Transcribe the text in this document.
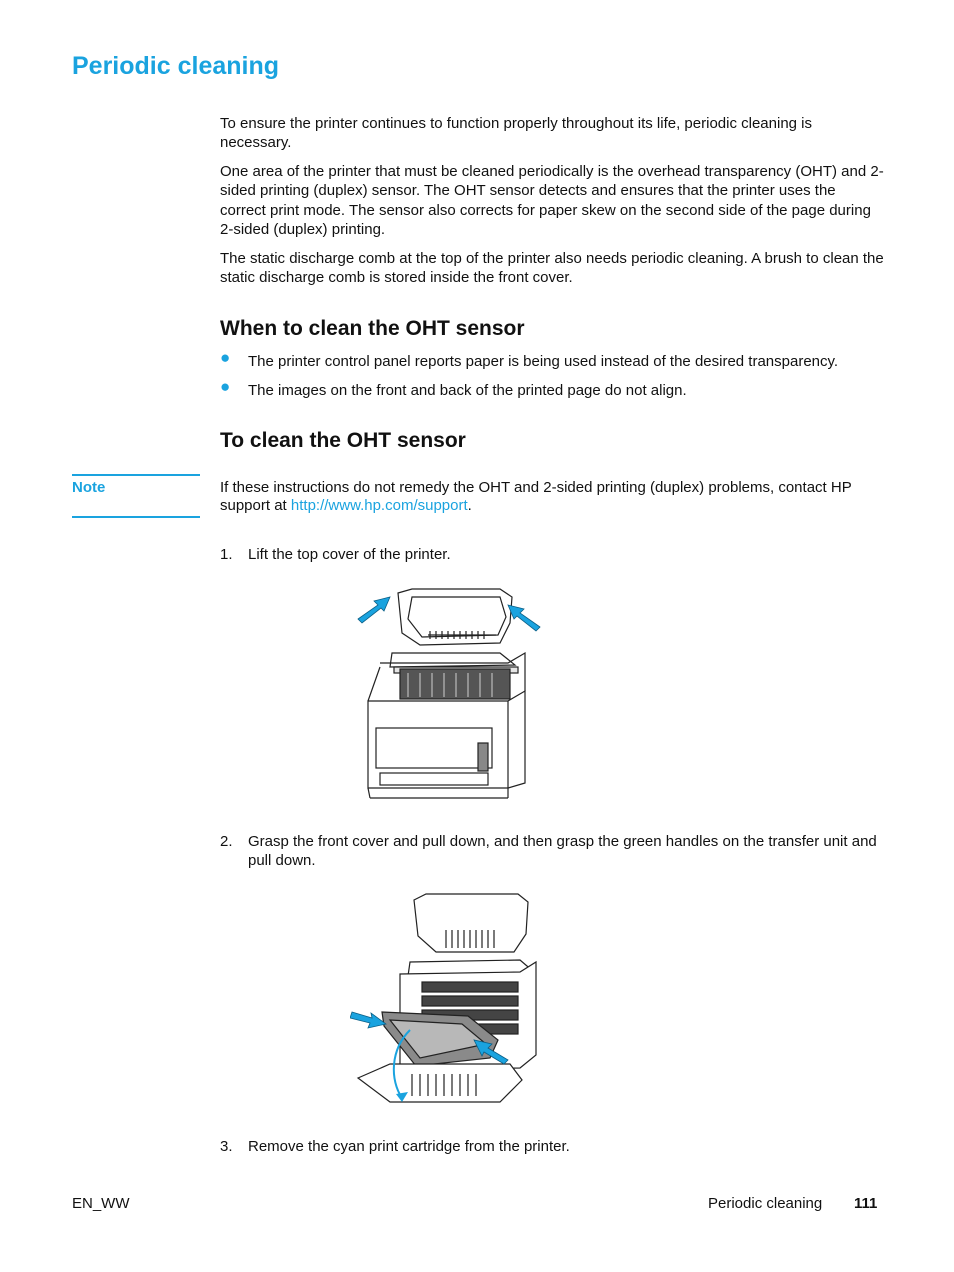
Periodic cleaning

To ensure the printer continues to function properly throughout its life, periodic cleaning is necessary.

One area of the printer that must be cleaned periodically is the overhead transparency (OHT) and 2-sided printing (duplex) sensor. The OHT sensor detects and ensures that the printer uses the correct print mode. The sensor also corrects for paper skew on the second side of the page during 2-sided (duplex) printing.

The static discharge comb at the top of the printer also needs periodic cleaning. A brush to clean the static discharge comb is stored inside the front cover.

When to clean the OHT sensor
● The printer control panel reports paper is being used instead of the desired transparency.
● The images on the front and back of the printed page do not align.
To clean the OHT sensor
Note	If these instructions do not remedy the OHT and 2-sided printing (duplex) problems, contact HP support at http://www.hp.com/support.
1. Lift the top cover of the printer.
2. Grasp the front cover and pull down, and then grasp the green handles on the transfer unit and pull down.
3. Remove the cyan print cartridge from the printer.
EN_WW	Periodic cleaning 111
